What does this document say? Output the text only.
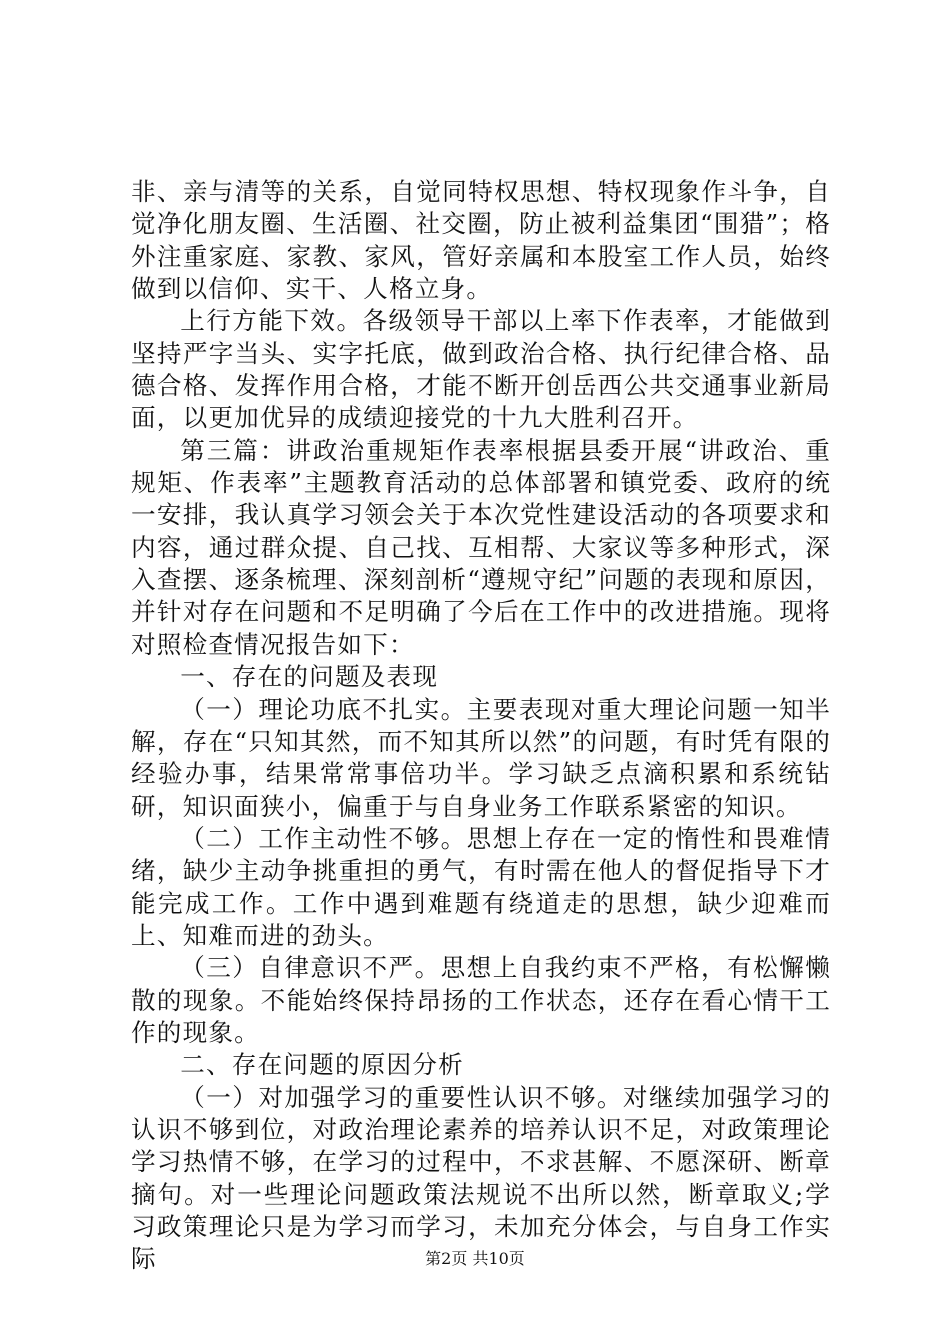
非、亲与清等的关系，自觉同特权思想、特权现象作斗争，自觉净化朋友圈、生活圈、社交圈，防止被利益集团“围猎”；格外注重家庭、家教、家风，管好亲属和本股室工作人员，始终做到以信仰、实干、人格立身。

上行方能下效。各级领导干部以上率下作表率，才能做到坚持严字当头、实字托底，做到政治合格、执行纪律合格、品德合格、发挥作用合格，才能不断开创岳西公共交通事业新局面，以更加优异的成绩迎接党的十九大胜利召开。

第三篇：讲政治重规矩作表率根据县委开展“讲政治、重规矩、作表率”主题教育活动的总体部署和镇党委、政府的统一安排，我认真学习领会关于本次党性建设活动的各项要求和内容，通过群众提、自己找、互相帮、大家议等多种形式，深入查摆、逐条梳理、深刻剖析“遵规守纪”问题的表现和原因，并针对存在问题和不足明确了今后在工作中的改进措施。现将对照检查情况报告如下：

一、存在的问题及表现

（一）理论功底不扎实。主要表现对重大理论问题一知半解，存在“只知其然，而不知其所以然”的问题，有时凭有限的经验办事，结果常常事倍功半。学习缺乏点滴积累和系统钻研，知识面狭小，偏重于与自身业务工作联系紧密的知识。

（二）工作主动性不够。思想上存在一定的惰性和畏难情绪，缺少主动争挑重担的勇气，有时需在他人的督促指导下才能完成工作。工作中遇到难题有绕道走的思想，缺少迎难而上、知难而进的劲头。

（三）自律意识不严。思想上自我约束不严格，有松懈懒散的现象。不能始终保持昂扬的工作状态，还存在看心情干工作的现象。

二、存在问题的原因分析

（一）对加强学习的重要性认识不够。对继续加强学习的认识不够到位，对政治理论素养的培养认识不足，对政策理论学习热情不够，在学习的过程中，不求甚解、不愿深研、断章摘句。对一些理论问题政策法规说不出所以然，断章取义;学习政策理论只是为学习而学习，未加充分体会，与自身工作实际	第2页 共10页
